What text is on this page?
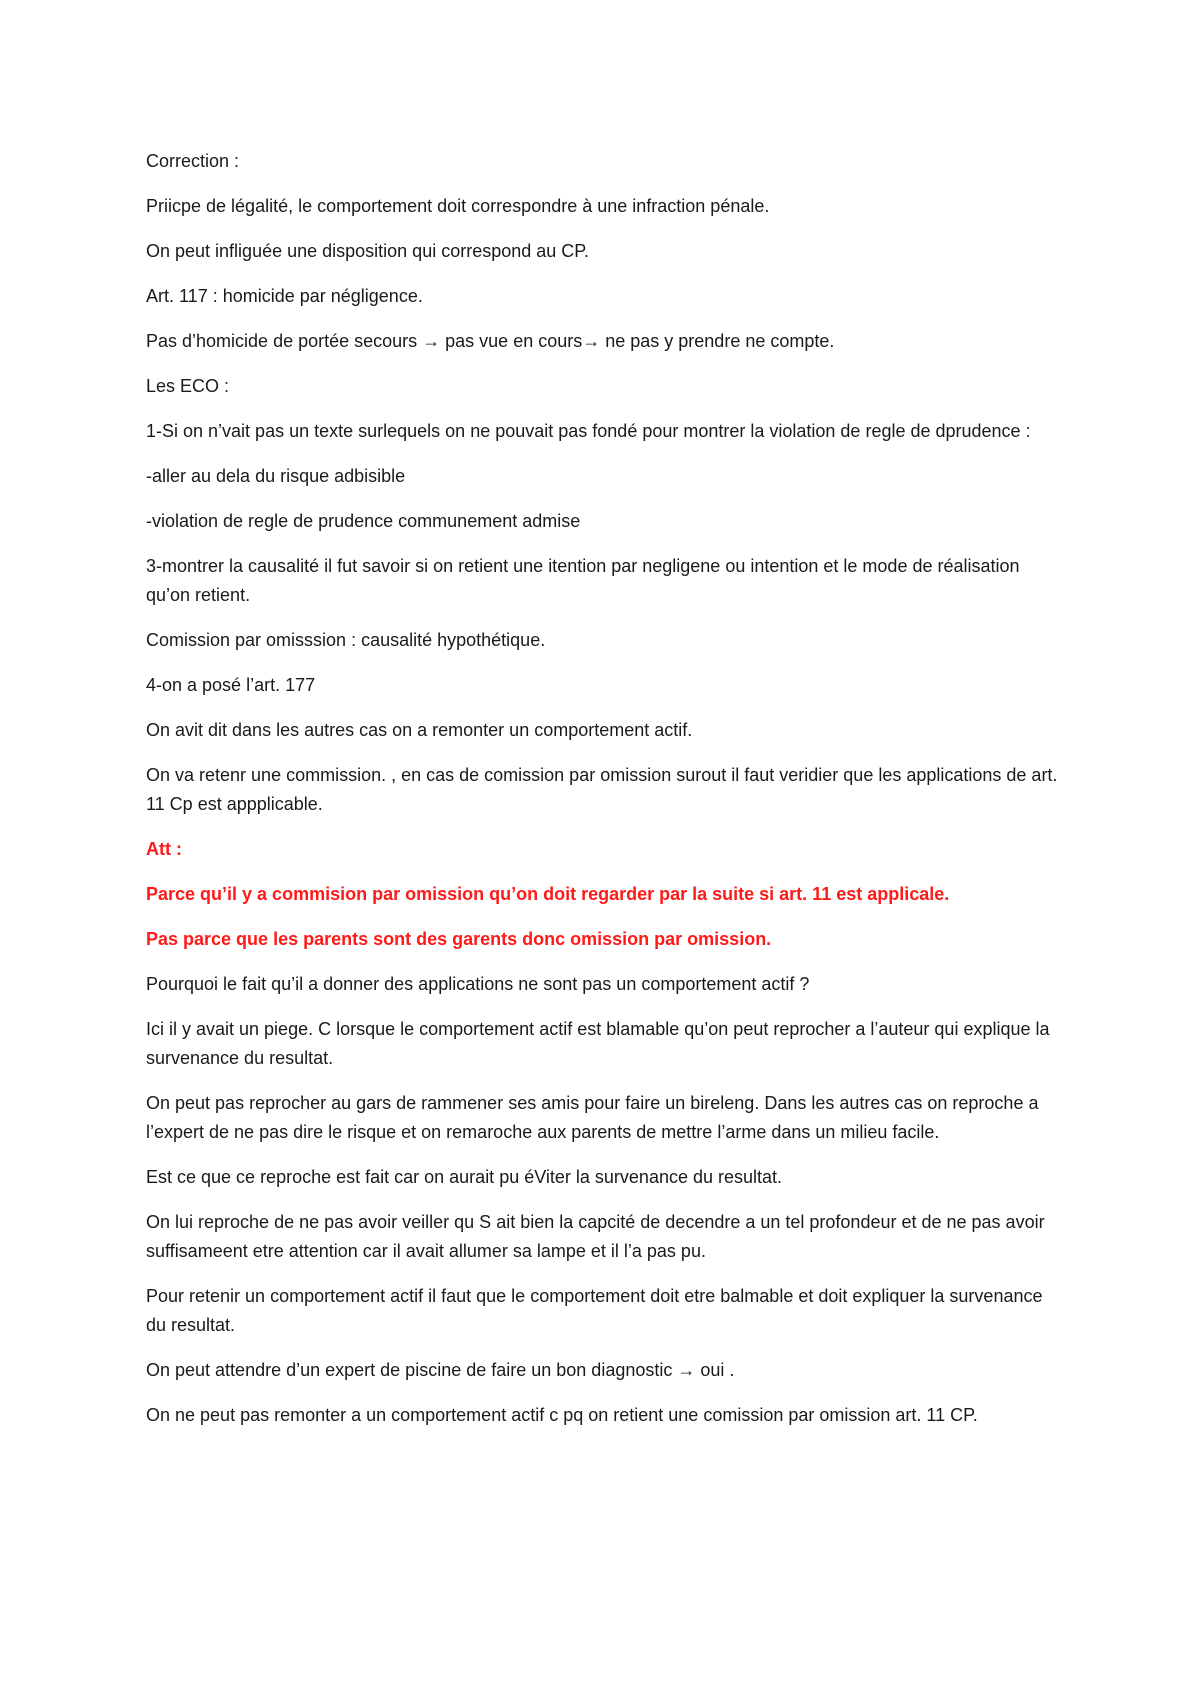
Correction :

Priicpe de légalité, le comportement doit correspondre à une infraction pénale.

On peut infliguée une disposition qui correspond au CP.

Art. 117 : homicide par négligence.

Pas d’homicide de portée secours → pas vue en cours→ ne pas y prendre ne compte.

Les ECO :

1-Si on n’vait pas un texte surlequels on ne pouvait pas fondé pour montrer la violation de regle de dprudence :

-aller au dela du risque adbisible

-violation de regle de prudence communement admise

3-montrer la causalité il fut savoir si on retient une itention par negligene ou intention et le mode de réalisation qu’on retient.

Comission par omisssion : causalité hypothétique.

4-on a posé l’art. 177

On avit dit dans les autres cas on a remonter un comportement actif.

On va retenr une commission. , en cas de comission par omission surout il faut veridier que les applications de art. 11 Cp est appplicable.

Att :

Parce qu’il y a commision par omission qu’on doit regarder par la suite si art. 11 est applicale.

Pas parce que les parents sont des garents donc omission par omission.

Pourquoi le fait qu’il a donner des applications ne sont pas un comportement actif ?

Ici il y avait un piege. C lorsque le comportement actif est blamable qu’on peut reprocher a l’auteur qui explique la survenance du resultat.

On peut pas reprocher au gars de rammener ses amis pour faire un bireleng. Dans les autres cas on reproche a l’expert de ne pas dire le risque et on remaroche aux parents de mettre l’arme dans un milieu facile.

Est ce que ce reproche est fait car on aurait pu éViter la survenance du resultat.

On lui reproche de ne pas avoir veiller qu S ait bien la capcité de decendre a un tel profondeur et de ne pas avoir suffisameent etre attention car il avait allumer sa lampe et il l’a pas pu.

Pour retenir un comportement actif il faut que le comportement doit etre balmable et doit expliquer la survenance du resultat.

On peut attendre d’un expert de piscine de faire un bon diagnostic → oui .

On ne peut pas remonter a un comportement actif c pq on retient une comission par omission art. 11 CP.
